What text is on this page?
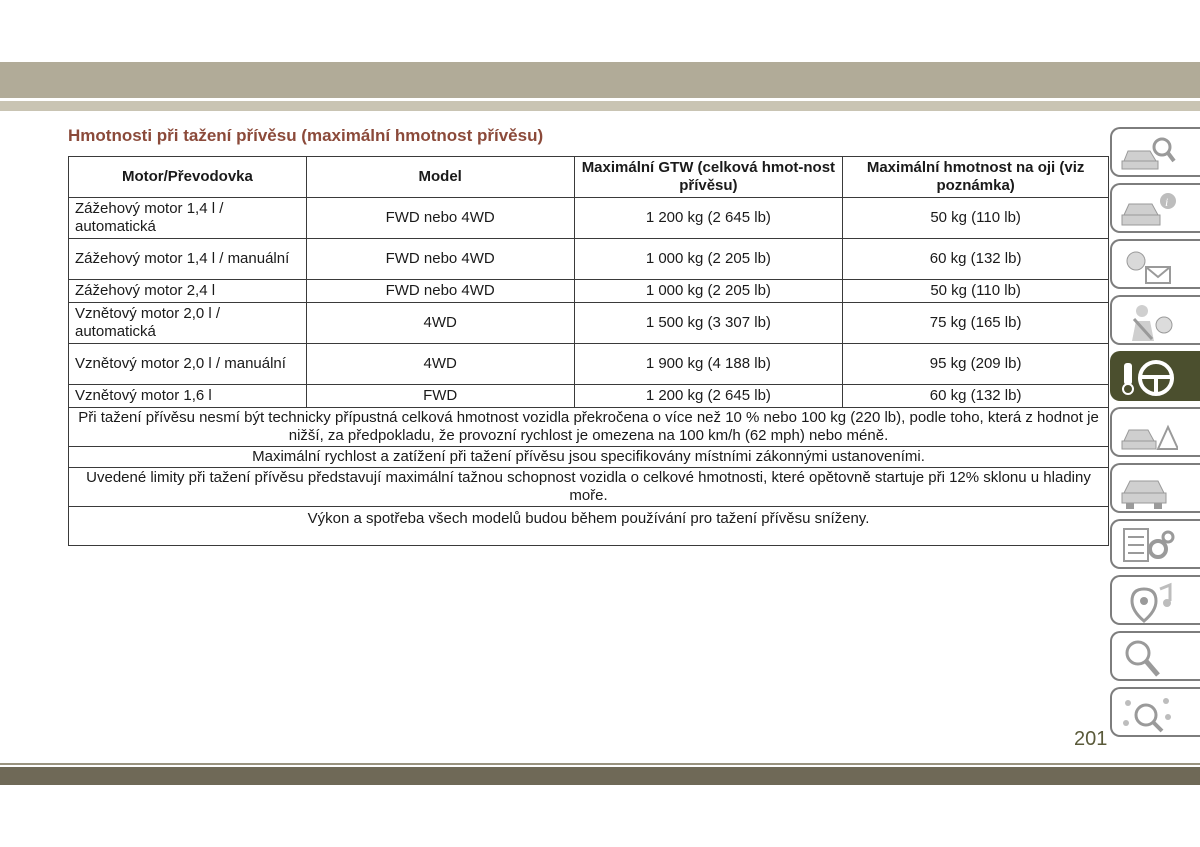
Hmotnosti při tažení přívěsu (maximální hmotnost přívěsu)
Motor/Převodovka	Model	Maximální GTW (celková hmot-nost přívěsu)	Maximální hmotnost na oji (viz poznámka)
Zážehový motor 1,4 l / automatická	FWD nebo 4WD	1 200 kg (2 645 lb)	50 kg (110 lb)
Zážehový motor 1,4 l / manuální	FWD nebo 4WD	1 000 kg (2 205 lb)	60 kg (132 lb)
Zážehový motor 2,4 l	FWD nebo 4WD	1 000 kg (2 205 lb)	50 kg (110 lb)
Vznětový motor 2,0 l / automatická	4WD	1 500 kg (3 307 lb)	75 kg (165 lb)
Vznětový motor 2,0 l / manuální	4WD	1 900 kg (4 188 lb)	95 kg (209 lb)
Vznětový motor 1,6 l	FWD	1 200 kg (2 645 lb)	60 kg (132 lb)
Při tažení přívěsu nesmí být technicky přípustná celková hmotnost vozidla překročena o více než 10 % nebo 100 kg (220 lb), podle toho, která z hodnot je nižší, za předpokladu, že provozní rychlost je omezena na 100 km/h (62 mph) nebo méně.			
Maximální rychlost a zatížení při tažení přívěsu jsou specifikovány místními zákonnými ustanoveními.			
Uvedené limity při tažení přívěsu představují maximální tažnou schopnost vozidla o celkové hmotnosti, které opětovně startuje při 12% sklonu u hladiny moře.			
Výkon a spotřeba všech modelů budou během používání pro tažení přívěsu sníženy.			
i
201
